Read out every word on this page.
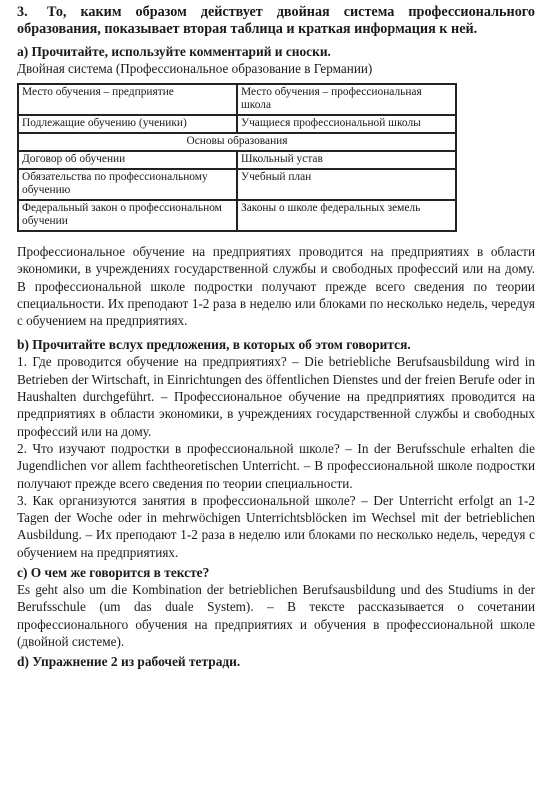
3. То, каким образом действует двойная система профессионального образования, показывает вторая таблица и краткая информация к ней.

а) Прочитайте, используйте комментарий и сноски.

Двойная система (Профессиональное образование в Германии)

Место обучения – предприятие	Место обучения – профессиональная школа
Подлежащие обучению (ученики)	Учащиеся профессиональной школы
Основы образования	
Договор об обучении	Школьный устав
Обязательства по профессиональному обучению	Учебный план
Федеральный закон о профессиональном обучении	Законы о школе федеральных земель

Профессиональное обучение на предприятиях проводится на предприятиях в области экономики, в учреждениях государственной службы и свободных профессий или на дому. В профессиональной школе подростки получают прежде всего сведения по теории специальности. Их преподают 1-2 раза в неделю или блоками по несколько недель, чередуя с обучением на предприятиях.

b) Прочитайте вслух предложения, в которых об этом говорится.

1. Где проводится обучение на предприятиях? – Die betriebliche Berufsausbildung wird in Betrieben der Wirtschaft, in Einrichtungen des öffentlichen Dienstes und der freien Berufe oder in Haushalten durchgeführt. – Профессиональное обучение на предприятиях проводится на предприятиях в области экономики, в учреждениях государственной службы и свободных профессий или на дому.

2. Что изучают подростки в профессиональной школе? – In der Berufsschule erhalten die Jugendlichen vor allem fachtheoretischen Unterricht. – В профессиональной школе подростки получают прежде всего сведения по теории специальности.

3. Как организуются занятия в профессиональной школе? – Der Unterricht erfolgt an 1-2 Tagen der Woche oder in mehrwöchigen Unterrichtsblöcken im Wechsel mit der betrieblichen Ausbildung. – Их преподают 1-2 раза в неделю или блоками по несколько недель, чередуя с обучением на предприятиях.

с) О чем же говорится в тексте?

Es geht also um die Kombination der betrieblichen Berufsausbildung und des Studiums in der Berufsschule (um das duale System). – В тексте рассказывается о сочетании профессионального обучения на предприятиях и обучения в профессиональной школе (двойной системе).

d) Упражнение 2 из рабочей тетради.
